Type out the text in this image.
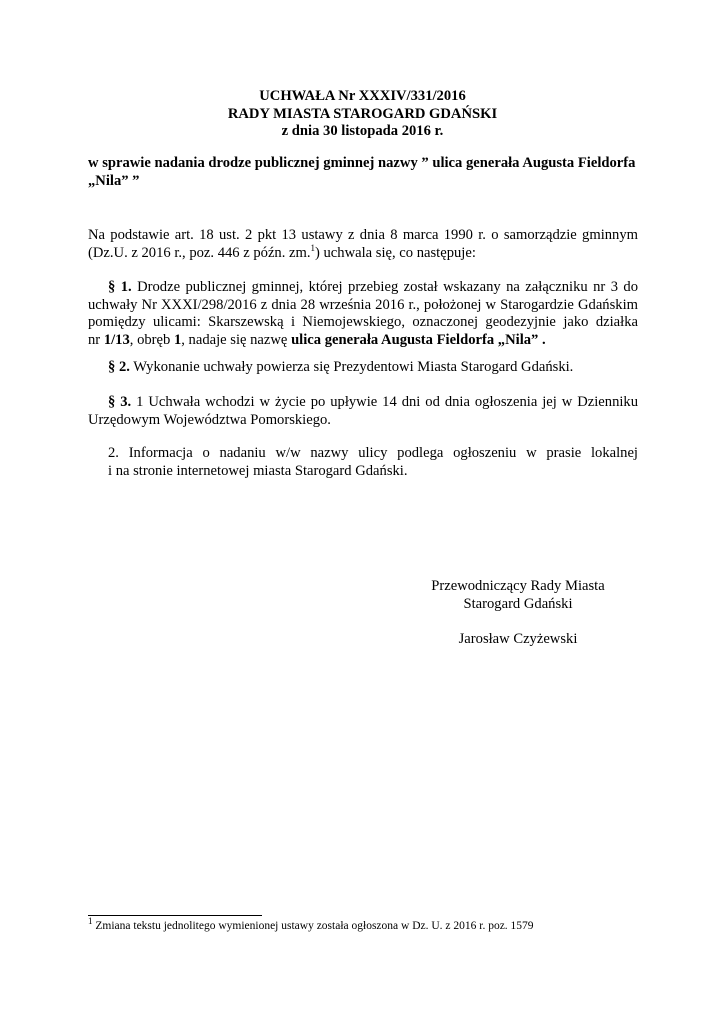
UCHWAŁA Nr XXXIV/331/2016
RADY MIASTA STAROGARD GDAŃSKI
z dnia 30 listopada 2016 r.
w sprawie nadania drodze publicznej gminnej nazwy ” ulica generała Augusta Fieldorfa
„Nila” ”
Na podstawie art. 18 ust. 2 pkt 13 ustawy z dnia 8 marca 1990 r. o samorządzie gminnym
(Dz.U. z 2016 r., poz. 446 z późn. zm.$^1$) uchwala się, co następuje:
§ 1. Drodze publicznej gminnej, której przebieg został wskazany na załączniku nr 3 do
uchwały Nr XXXI/298/2016 z dnia 28 września 2016 r., położonej w Starogardzie Gdańskim
pomiędzy ulicami: Skarszewską i Niemojewskiego, oznaczonej geodezyjnie jako działka
nr 1/13, obręb 1, nadaje się nazwę ulica generała Augusta Fieldorfa „Nila” .
§ 2. Wykonanie uchwały powierza się Prezydentowi Miasta Starogard Gdański.
§ 3. 1 Uchwała wchodzi w życie po upływie 14 dni od dnia ogłoszenia jej w Dzienniku
Urzędowym Województwa Pomorskiego.
2. Informacja o nadaniu w/w nazwy ulicy podlega ogłoszeniu w prasie lokalnej
i na stronie internetowej miasta Starogard Gdański.
Przewodniczący Rady Miasta
Starogard Gdański
Jarosław Czyżewski
$^1$ Zmiana tekstu jednolitego wymienionej ustawy została ogłoszona w Dz. U. z 2016 r. poz. 1579
